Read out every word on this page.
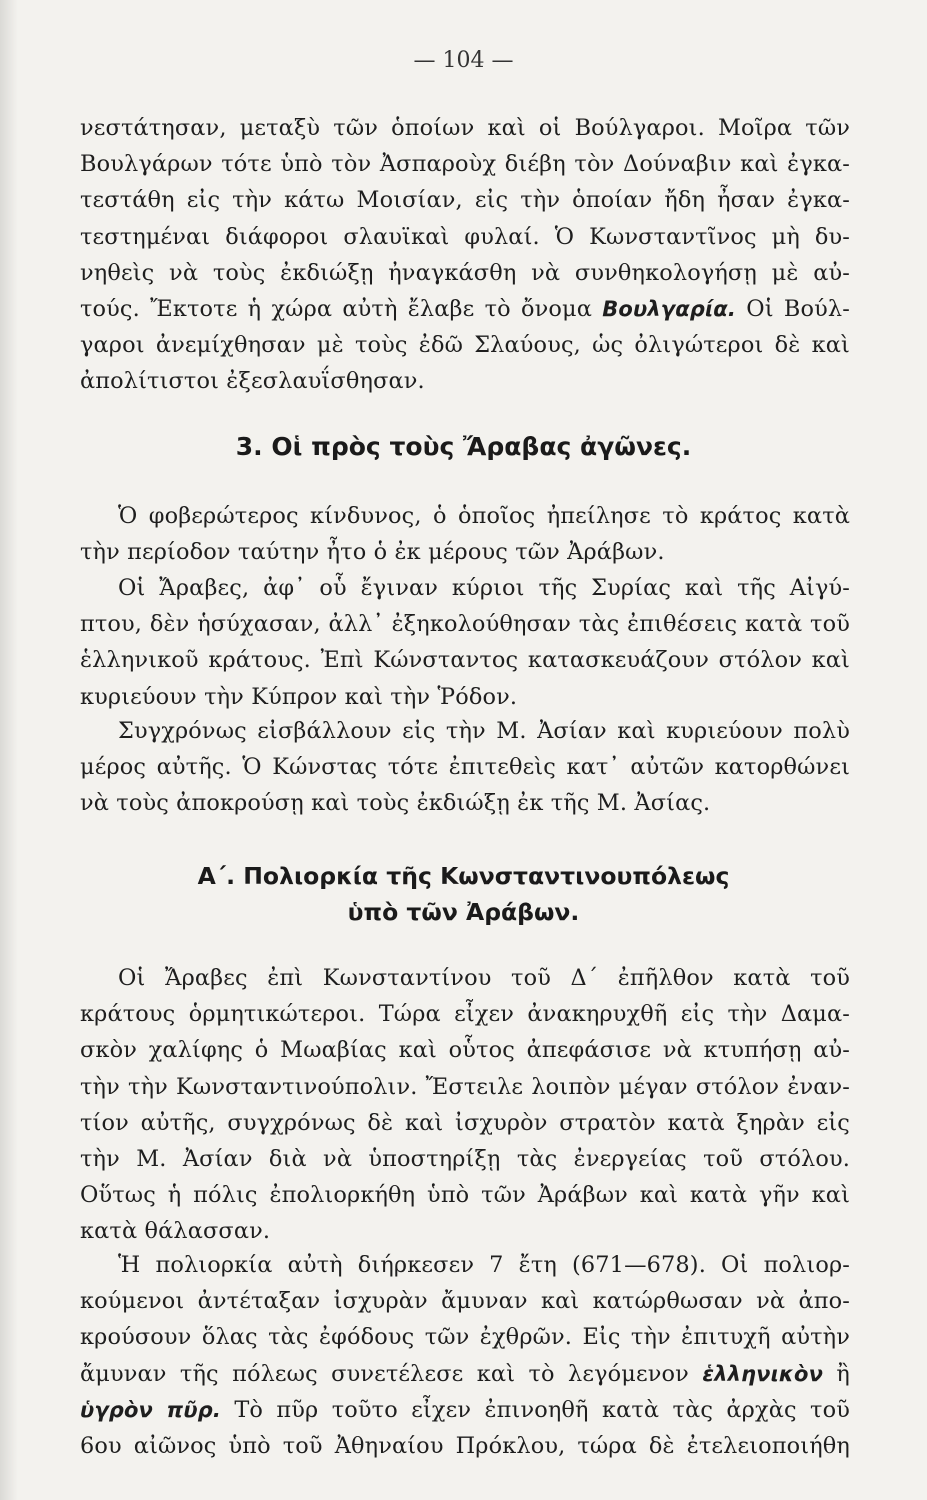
— 104 —
νεστάτησαν, μεταξὺ τῶν ὁποίων καὶ οἱ Βούλγαροι. Μοῖρα τῶν
Βουλγάρων τότε ὑπὸ τὸν Ἀσπαροὺχ διέβη τὸν Δούναβιν καὶ ἐγκα-
τεστάθη εἰς τὴν κάτω Μοισίαν, εἰς τὴν ὁποίαν ἤδη ἦσαν ἐγκα-
τεστημέναι διάφοροι σλαυϊκαὶ φυλαί. Ὁ Κωνσταντῖνος μὴ δυ-
νηθεὶς νὰ τοὺς ἐκδιώξῃ ἠναγκάσθη νὰ συνθηκολογήσῃ μὲ αὐ-
τούς. Ἔκτοτε ἡ χώρα αὐτὴ ἔλαβε τὸ ὄνομα Βουλγαρία. Οἱ Βούλ-
γαροι ἀνεμίχθησαν μὲ τοὺς ἐδῶ Σλαύους, ὡς ὀλιγώτεροι δὲ καὶ
ἀπολίτιστοι ἐξεσλαυΐσθησαν.
3. Οἱ πρὸς τοὺς Ἄραβας ἀγῶνες.
Ὁ φοβερώτερος κίνδυνος, ὁ ὁποῖος ἠπείλησε τὸ κράτος κατὰ
τὴν περίοδον ταύτην ἦτο ὁ ἐκ μέρους τῶν Ἀράβων.
Οἱ Ἄραβες, ἀφ᾿ οὗ ἔγιναν κύριοι τῆς Συρίας καὶ τῆς Αἰγύ-
πτου, δὲν ἡσύχασαν, ἀλλ᾿ ἐξηκολούθησαν τὰς ἐπιθέσεις κατὰ τοῦ
ἑλληνικοῦ κράτους. Ἐπὶ Κώνσταντος κατασκευάζουν στόλον καὶ
κυριεύουν τὴν Κύπρον καὶ τὴν Ῥόδον.
Συγχρόνως εἰσβάλλουν εἰς τὴν Μ. Ἀσίαν καὶ κυριεύουν πολὺ
μέρος αὐτῆς. Ὁ Κώνστας τότε ἐπιτεθεὶς κατ᾿ αὐτῶν κατορθώνει
νὰ τοὺς ἀποκρούσῃ καὶ τοὺς ἐκδιώξῃ ἐκ τῆς Μ. Ἀσίας.
Α΄. Πολιορκία τῆς Κωνσταντινουπόλεως
ὑπὸ τῶν Ἀράβων.
Οἱ Ἄραβες ἐπὶ Κωνσταντίνου τοῦ Δ΄ ἐπῆλθον κατὰ τοῦ
κράτους ὁρμητικώτεροι. Τώρα εἶχεν ἀνακηρυχθῆ εἰς τὴν Δαμα-
σκὸν χαλίφης ὁ Μωαβίας καὶ οὗτος ἀπεφάσισε νὰ κτυπήσῃ αὐ-
τὴν τὴν Κωνσταντινούπολιν. Ἔστειλε λοιπὸν μέγαν στόλον ἐναν-
τίον αὐτῆς, συγχρόνως δὲ καὶ ἰσχυρὸν στρατὸν κατὰ ξηρὰν εἰς
τὴν Μ. Ἀσίαν διὰ νὰ ὑποστηρίξῃ τὰς ἐνεργείας τοῦ στόλου.
Οὕτως ἡ πόλις ἐπολιορκήθη ὑπὸ τῶν Ἀράβων καὶ κατὰ γῆν καὶ
κατὰ θάλασσαν.
Ἡ πολιορκία αὐτὴ διήρκεσεν 7 ἔτη (671—678). Οἱ πολιορ-
κούμενοι ἀντέταξαν ἰσχυρὰν ἄμυναν καὶ κατώρθωσαν νὰ ἀπο-
κρούσουν ὅλας τὰς ἐφόδους τῶν ἐχθρῶν. Εἰς τὴν ἐπιτυχῆ αὐτὴν
ἄμυναν τῆς πόλεως συνετέλεσε καὶ τὸ λεγόμενον ἑλληνικὸν ἢ
ὑγρὸν πῦρ. Τὸ πῦρ τοῦτο εἶχεν ἐπινοηθῆ κατὰ τὰς ἀρχὰς τοῦ
6ου αἰῶνος ὑπὸ τοῦ Ἀθηναίου Πρόκλου, τώρα δὲ ἐτελειοποιήθη
